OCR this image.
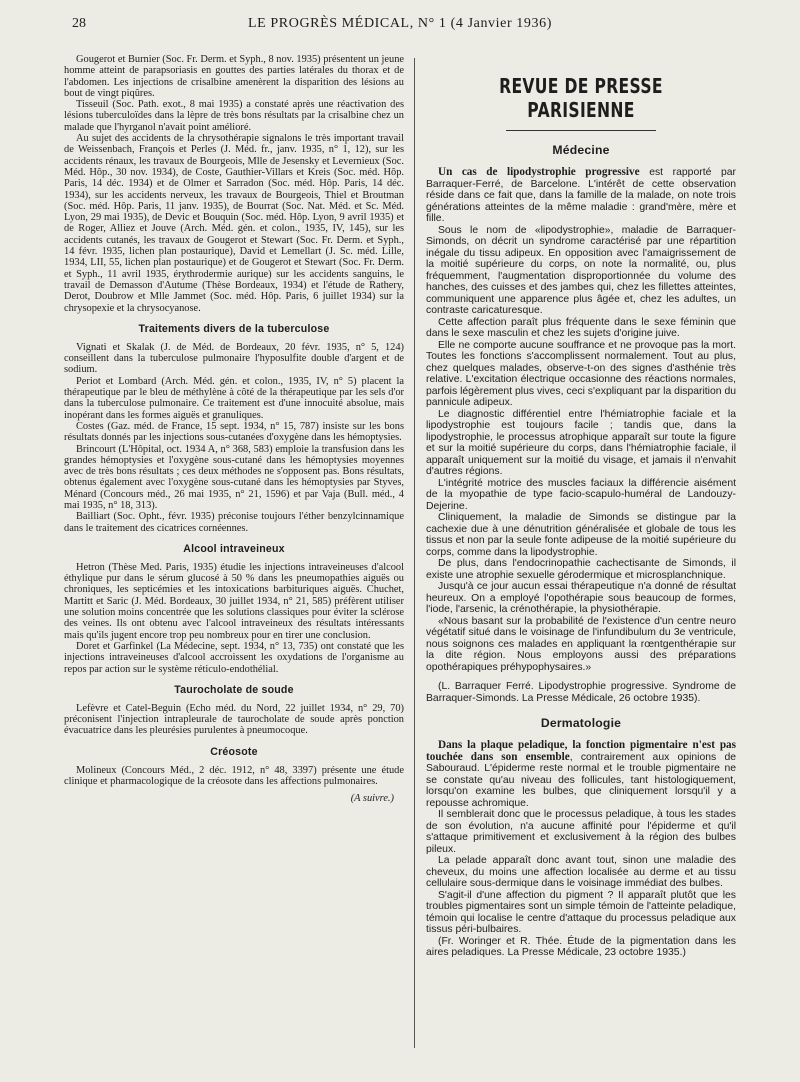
28	LE PROGRÈS MÉDICAL, N° 1 (4 Janvier 1936)

Gougerot et Burnier (Soc. Fr. Derm. et Syph., 8 nov. 1935) présentent un jeune homme atteint de parapsoriasis en gouttes des parties latérales du thorax et de l'abdomen. Les injections de crisalbine amenèrent la disparition des lésions au bout de vingt piqûres.

Tisseuil (Soc. Path. exot., 8 mai 1935) a constaté après une réactivation des lésions tuberculoïdes dans la lèpre de très bons résultats par la crisalbine chez un malade que l'hyrganol n'avait point amélioré.

Au sujet des accidents de la chrysothérapie signalons le très important travail de Weissenbach, François et Perles (J. Méd. fr., janv. 1935, n° 1, 12), sur les accidents rénaux, les travaux de Bourgeois, Mlle de Jesensky et Levernieux (Soc. Méd. Hôp., 30 nov. 1934), de Coste, Gauthier-Villars et Kreis (Soc. méd. Hôp. Paris, 14 déc. 1934) et de Olmer et Sarradon (Soc. méd. Hôp. Paris, 14 déc. 1934), sur les accidents nerveux, les travaux de Bourgeois, Thiel et Broutman (Soc. méd. Hôp. Paris, 11 janv. 1935), de Bourrat (Soc. Nat. Méd. et Sc. Méd. Lyon, 29 mai 1935), de Devic et Bouquin (Soc. méd. Hôp. Lyon, 9 avril 1935) et de Roger, Alliez et Jouve (Arch. Méd. gén. et colon., 1935, IV, 145), sur les accidents cutanés, les travaux de Gougerot et Stewart (Soc. Fr. Derm. et Syph., 14 févr. 1935, lichen plan postaurique), David et Lemellart (J. Sc. méd. Lille, 1934, LII, 55, lichen plan postaurique) et de Gougerot et Stewart (Soc. Fr. Derm. et Syph., 11 avril 1935, érythrodermie aurique) sur les accidents sanguins, le travail de Demasson d'Autume (Thèse Bordeaux, 1934) et l'étude de Rathery, Derot, Doubrow et Mlle Jammet (Soc. méd. Hôp. Paris, 6 juillet 1934) sur la chrysopexie et la chrysocyanose.

Traitements divers de la tuberculose

Vignati et Skalak (J. de Méd. de Bordeaux, 20 févr. 1935, n° 5, 124) conseillent dans la tuberculose pulmonaire l'hyposulfite double d'argent et de sodium.

Periot et Lombard (Arch. Méd. gén. et colon., 1935, IV, n° 5) placent la thérapeutique par le bleu de méthylène à côté de la thérapeutique par les sels d'or dans la tuberculose pulmonaire. Ce traitement est d'une innocuité absolue, mais inopérant dans les formes aiguës et granuliques.

Costes (Gaz. méd. de France, 15 sept. 1934, n° 15, 787) insiste sur les bons résultats donnés par les injections sous-cutanées d'oxygène dans les hémoptysies.

Brincourt (L'Hôpital, oct. 1934 A, n° 368, 583) emploie la transfusion dans les grandes hémoptysies et l'oxygène sous-cutané dans les hémoptysies moyennes avec de très bons résultats ; ces deux méthodes ne s'opposent pas. Bons résultats, obtenus également avec l'oxygène sous-cutané dans les hémoptysies par Styves, Ménard (Concours méd., 26 mai 1935, n° 21, 1596) et par Vaja (Bull. méd., 4 mai 1935, n° 18, 313).

Bailliart (Soc. Opht., févr. 1935) préconise toujours l'éther benzylcinnamique dans le traitement des cicatrices cornéennes.

Alcool intraveineux

Hetron (Thèse Med. Paris, 1935) étudie les injections intraveineuses d'alcool éthylique pur dans le sérum glucosé à 50 % dans les pneumopathies aiguës ou chroniques, les septicémies et les intoxications barbituriques aiguës. Chuchet, Martitt et Saric (J. Méd. Bordeaux, 30 juillet 1934, n° 21, 585) préfèrent utiliser une solution moins concentrée que les solutions classiques pour éviter la sclérose des veines. Ils ont obtenu avec l'alcool intraveineux des résultats intéressants mais qu'ils jugent encore trop peu nombreux pour en tirer une conclusion.

Doret et Garfinkel (La Médecine, sept. 1934, n° 13, 735) ont constaté que les injections intraveineuses d'alcool accroissent les oxydations de l'organisme au repos par action sur le système réticulo-endothélial.

Taurocholate de soude

Lefèvre et Catel-Beguin (Echo méd. du Nord, 22 juillet 1934, n° 29, 70) préconisent l'injection intrapleurale de taurocholate de soude après ponction évacuatrice dans les pleurésies purulentes à pneumocoque.

Créosote

Molineux (Concours Méd., 2 déc. 1912, n° 48, 3397) présente une étude clinique et pharmacologique de la créosote dans les affections pulmonaires.

(A suivre.)
REVUE DE PRESSE PARISIENNE
Médecine

Un cas de lipodystrophie progressive est rapporté par Barraquer-Ferré, de Barcelone. L'intérêt de cette observation réside dans ce fait que, dans la famille de la malade, on note trois générations atteintes de la même maladie : grand'mère, mère et fille.

Sous le nom de «lipodystrophie», maladie de Barraquer-Simonds, on décrit un syndrome caractérisé par une répartition inégale du tissu adipeux. En opposition avec l'amaigrissement de la moitié supérieure du corps, on note la normalité, ou, plus fréquemment, l'augmentation disproportionnée du volume des hanches, des cuisses et des jambes qui, chez les fillettes atteintes, communiquent une apparence plus âgée et, chez les adultes, un contraste caricaturesque.

Cette affection paraît plus fréquente dans le sexe féminin que dans le sexe masculin et chez les sujets d'origine juive.

Elle ne comporte aucune souffrance et ne provoque pas la mort. Toutes les fonctions s'accomplissent normalement. Tout au plus, chez quelques malades, observe-t-on des signes d'asthénie très relative. L'excitation électrique occasionne des réactions normales, parfois légèrement plus vives, ceci s'expliquant par la disparition du pannicule adipeux.

Le diagnostic différentiel entre l'hémiatrophie faciale et la lipodystrophie est toujours facile ; tandis que, dans la lipodystrophie, le processus atrophique apparaît sur toute la figure et sur la moitié supérieure du corps, dans l'hémiatrophie faciale, il apparaît uniquement sur la moitié du visage, et jamais il n'envahit d'autres régions.

L'intégrité motrice des muscles faciaux la différencie aisément de la myopathie de type facio-scapulo-huméral de Landouzy-Dejerine.

Cliniquement, la maladie de Simonds se distingue par la cachexie due à une dénutrition généralisée et globale de tous les tissus et non par la seule fonte adipeuse de la moitié supérieure du corps, comme dans la lipodystrophie.

De plus, dans l'endocrinopathie cachectisante de Simonds, il existe une atrophie sexuelle gérodermique et microsplanchnique.

Jusqu'à ce jour aucun essai thérapeutique n'a donné de résultat heureux. On a employé l'opothérapie sous beaucoup de formes, l'iode, l'arsenic, la crénothérapie, la physiothérapie.

«Nous basant sur la probabilité de l'existence d'un centre neuro végétatif situé dans le voisinage de l'infundibulum du 3e ventricule, nous soignons ces malades en appliquant la rœntgenthérapie sur la dite région. Nous employons aussi des préparations opothérapiques préhypophysaires.»

(L. Barraquer Ferré. Lipodystrophie progressive. Syndrome de Barraquer-Simonds. La Presse Médicale, 26 octobre 1935).

Dermatologie

Dans la plaque peladique, la fonction pigmentaire n'est pas touchée dans son ensemble, contrairement aux opinions de Sabouraud. L'épiderme reste normal et le trouble pigmentaire ne se constate qu'au niveau des follicules, tant histologiquement, lorsqu'on examine les bulbes, que cliniquement lorsqu'il y a repousse achromique.

Il semblerait donc que le processus peladique, à tous les stades de son évolution, n'a aucune affinité pour l'épiderme et qu'il s'attaque primitivement et exclusivement à la région des bulbes pileux.

La pelade apparaît donc avant tout, sinon une maladie des cheveux, du moins une affection localisée au derme et au tissu cellulaire sous-dermique dans le voisinage immédiat des bulbes.

S'agit-il d'une affection du pigment ? Il apparaît plutôt que les troubles pigmentaires sont un simple témoin de l'atteinte peladique, témoin qui localise le centre d'attaque du processus peladique aux tissus péri-bulbaires.

(Fr. Woringer et R. Thée. Étude de la pigmentation dans les aires peladiques. La Presse Médicale, 23 octobre 1935.)
